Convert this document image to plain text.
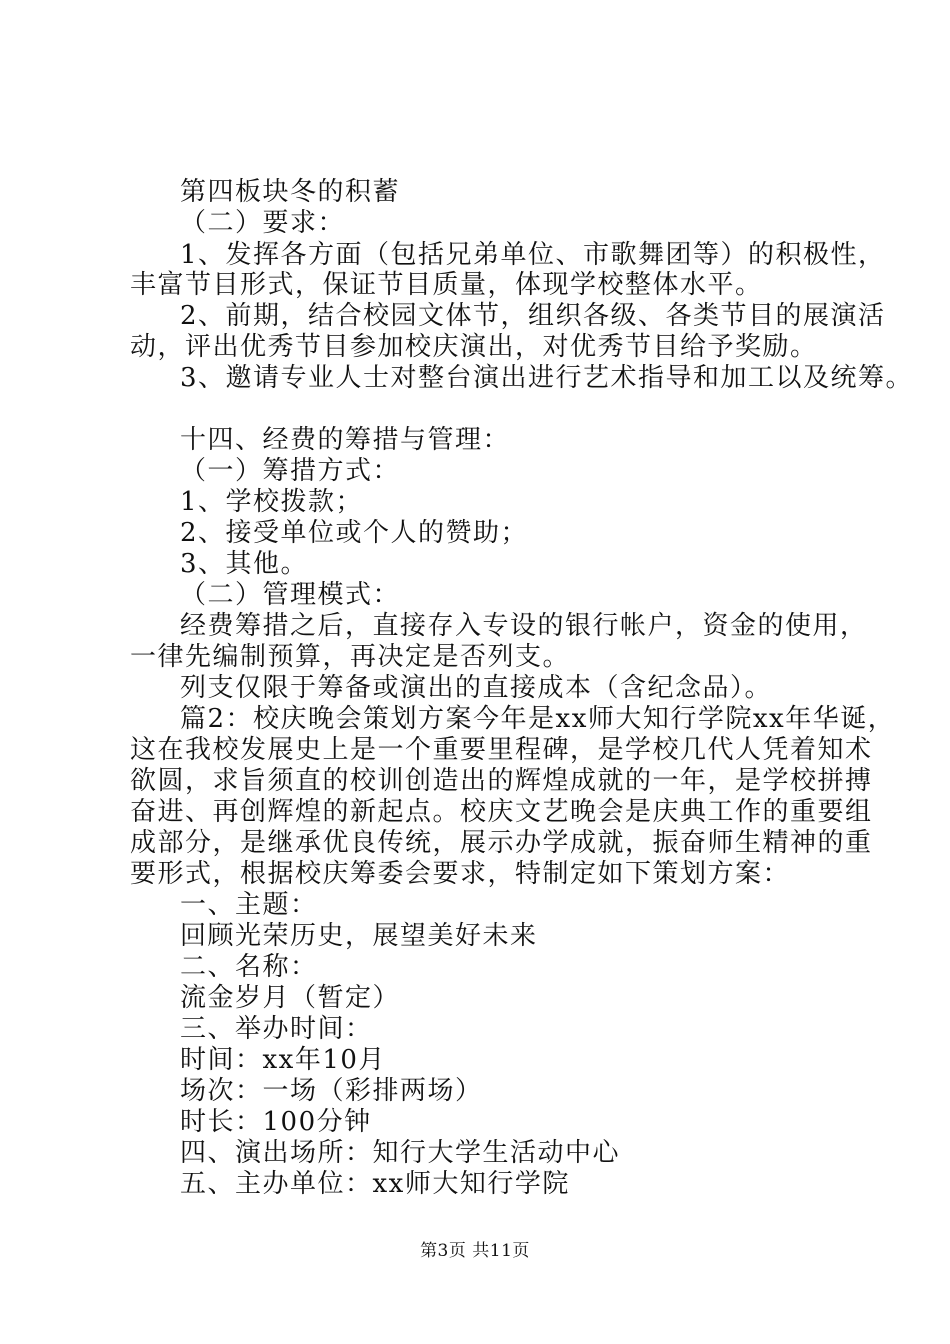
第四板块冬的积蓄
（二）要求：
1、发挥各方面（包括兄弟单位、市歌舞团等）的积极性，
丰富节目形式，保证节目质量，体现学校整体水平。
2、前期，结合校园文体节，组织各级、各类节目的展演活
动，评出优秀节目参加校庆演出，对优秀节目给予奖励。
3、邀请专业人士对整台演出进行艺术指导和加工以及统筹。
十四、经费的筹措与管理：
（一）筹措方式：
1、学校拨款；
2、接受单位或个人的赞助；
3、其他。
（二）管理模式：
经费筹措之后，直接存入专设的银行帐户，资金的使用，
一律先编制预算，再决定是否列支。
列支仅限于筹备或演出的直接成本（含纪念品）。
篇2：校庆晚会策划方案今年是xx师大知行学院xx年华诞，
这在我校发展史上是一个重要里程碑，是学校几代人凭着知术
欲圆，求旨须直的校训创造出的辉煌成就的一年，是学校拼搏
奋进、再创辉煌的新起点。校庆文艺晚会是庆典工作的重要组
成部分，是继承优良传统，展示办学成就，振奋师生精神的重
要形式，根据校庆筹委会要求，特制定如下策划方案：
一、主题：
回顾光荣历史，展望美好未来
二、名称：
流金岁月（暂定）
三、举办时间：
时间：xx年10月
场次：一场（彩排两场）
时长：100分钟
四、演出场所：知行大学生活动中心
五、主办单位：xx师大知行学院
第3页 共11页
